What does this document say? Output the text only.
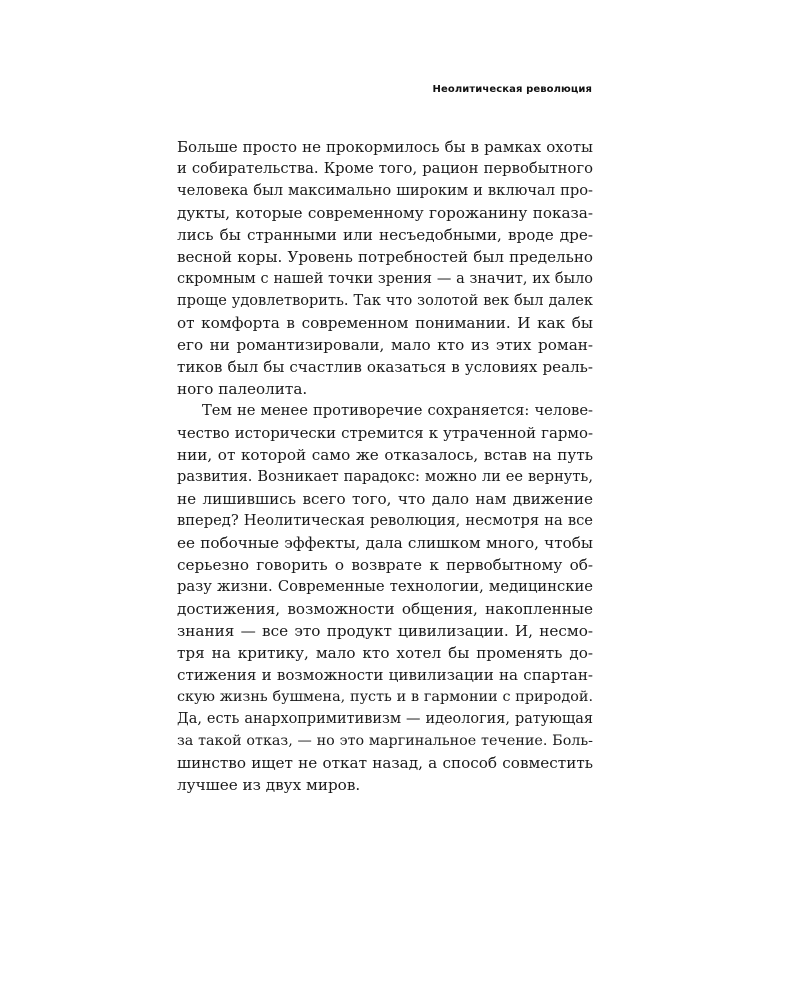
Неолитическая революция
Больше просто не прокормилось бы в рамках охоты
и собирательства. Кроме того, рацион первобытного
человека был максимально широким и включал про-
дукты, которые современному горожанину показа-
лись бы странными или несъедобными, вроде дре-
весной коры. Уровень потребностей был предельно
скромным с нашей точки зрения — а значит, их было
проще удовлетворить. Так что золотой век был далек
от комфорта в современном понимании. И как бы
его ни романтизировали, мало кто из этих роман-
тиков был бы счастлив оказаться в условиях реаль-
ного палеолита.
Тем не менее противоречие сохраняется: челове-
чество исторически стремится к утраченной гармо-
нии, от которой само же отказалось, встав на путь
развития. Возникает парадокс: можно ли ее вернуть,
не лишившись всего того, что дало нам движение
вперед? Неолитическая революция, несмотря на все
ее побочные эффекты, дала слишком много, чтобы
серьезно говорить о возврате к первобытному об-
разу жизни. Современные технологии, медицинские
достижения, возможности общения, накопленные
знания — все это продукт цивилизации. И, несмо-
тря на критику, мало кто хотел бы променять до-
стижения и возможности цивилизации на спартан-
скую жизнь бушмена, пусть и в гармонии с природой.
Да, есть анархопримитивизм — идеология, ратующая
за такой отказ, — но это маргинальное течение. Боль-
шинство ищет не откат назад, а способ совместить
лучшее из двух миров.
